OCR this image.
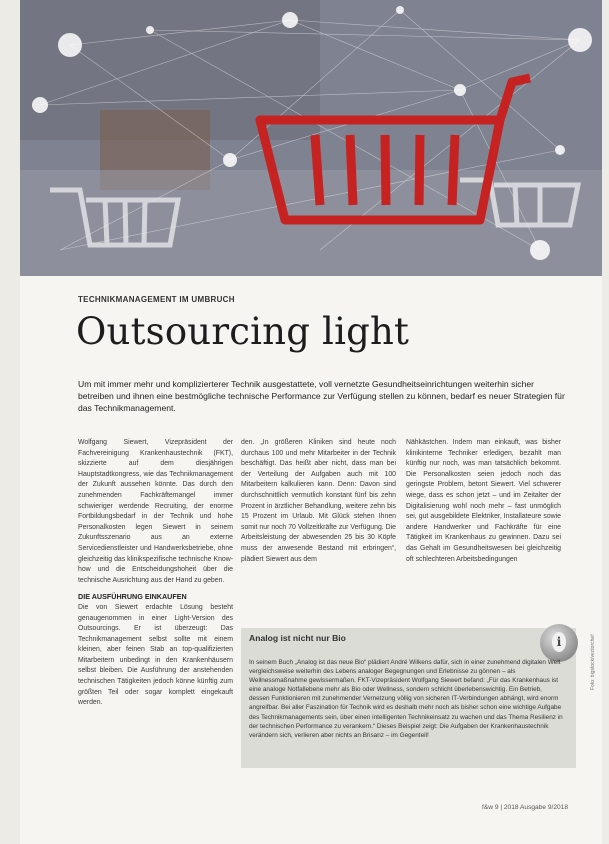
TECHNIKMANAGEMENT IM UMBRUCH
Outsourcing light
Um mit immer mehr und komplizierterer Technik ausgestattete, voll vernetzte Gesundheitseinrichtungen weiterhin sicher betreiben und ihnen eine bestmögliche technische Performance zur Verfügung stellen zu können, bedarf es neuer Strategien für das Technikmanagement.

Wolfgang Siewert, Vizepräsident der Fachvereinigung Krankenhaustechnik (FKT), skizzierte auf dem diesjährigen Hauptstadtkongress, wie das Technikmanagement der Zukunft aussehen könnte. Das durch den zunehmenden Fachkräftemangel immer schwieriger werdende Recruiting, der enorme Fortbildungsbedarf in der Technik und hohe Personalkosten legen Siewert in seinem Zukunftsszenario aus an externe Servicedienstleister und Handwerksbetriebe, ohne gleichzeitig das klinikspezifische technische Know-how und die Entscheidungshoheit über die technische Ausrichtung aus der Hand zu geben.

DIE AUSFÜHRUNG EINKAUFEN

Die von Siewert erdachte Lösung besteht genaugenommen in einer Light-Version des Outsourcings. Er ist überzeugt: Das Technikmanagement selbst sollte mit einem kleinen, aber feinen Stab an top-qualifizierten Mitarbeitern unbedingt in den Krankenhäusern selbst bleiben. Die Ausführung der anstehenden technischen Tätigkeiten jedoch könne künftig zum größten Teil oder sogar komplett eingekauft werden.

den. „In größeren Kliniken sind heute noch durchaus 100 und mehr Mitarbeiter in der Technik beschäftigt. Das heißt aber nicht, dass man bei der Verteilung der Aufgaben auch mit 100 Mitarbeitern kalkulieren kann. Denn: Davon sind durchschnittlich vermutlich konstant fünf bis zehn Prozent in ärztlicher Behandlung, weitere zehn bis 15 Prozent im Urlaub. Mit Glück stehen Ihnen somit nur noch 70 Vollzeitkräfte zur Verfügung. Die Arbeitsleistung der abwesenden 25 bis 30 Köpfe muss der anwesende Bestand mit erbringen“, plädiert Siewert aus dem

Nähkästchen. Indem man einkauft, was bisher klinikinterne Techniker erledigen, bezahlt man künftig nur noch, was man tatsächlich bekommt. Die Personalkosten seien jedoch noch das geringste Problem, betont Siewert. Viel schwerer wiege, dass es schon jetzt – und im Zeitalter der Digitalisierung wohl noch mehr – fast unmöglich sei, gut ausgebildete Elektriker, Installateure sowie andere Handwerker und Fachkräfte für eine Tätigkeit im Krankenhaus zu gewinnen. Dazu sei das Gehalt im Gesundheitswesen bei gleichzeitig oft schlechteren Arbeitsbedingungen

Analog ist nicht nur Bio	i
In seinem Buch „Analog ist das neue Bio“ plädiert André Wilkens dafür, sich in einer zunehmend digitalen Welt vergleichsweise weiterhin des Lebens analoger Begegnungen und Erlebnisse zu gönnen – als Wellnessmaßnahme gewissermaßen. FKT-Vizepräsident Wolfgang Siewert befand: „Für das Krankenhaus ist eine analoge Notfallebene mehr als Bio oder Wellness, sondern schlicht überlebenswichtig. Ein Betrieb, dessen Funktionieren mit zunehmender Vernetzung völlig von sicheren IT-Verbindungen abhängt, wird enorm angreifbar. Bei aller Faszination für Technik wird es deshalb mehr noch als bisher schon eine wichtige Aufgabe des Technikmanagements sein, über einen intelligenten Technikeinsatz zu wachen und das Thema Resilienz in der technischen Performance zu verankern.“ Dieses Beispiel zeigt: Die Aufgaben der Krankenhaustechnik verändern sich, verlieren aber nichts an Brisanz – im Gegenteil!
Foto: bigstock/vectorchef
f&w 9 | 2018 Ausgabe 9/2018
